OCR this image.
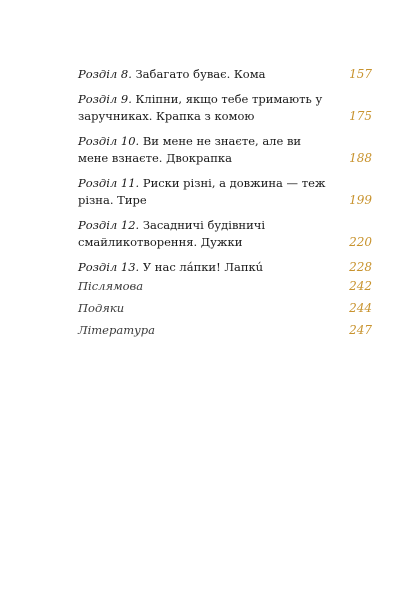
Розділ 8. Забагато буває. Кома	157
Розділ 9. Кліпни, якщо тебе тримають у заручниках. Крапка з комою	175
Розділ 10. Ви мене не знаєте, але ви мене взнаєте. Двокрапка	188
Розділ 11. Риски різні, а довжина — теж різна. Тире	199
Розділ 12. Засадничі будівничі смайликотворення. Дужки	220
Розділ 13. У нас лáпки! Лапкú	228
Післямова	242
Подяки	244
Література	247
